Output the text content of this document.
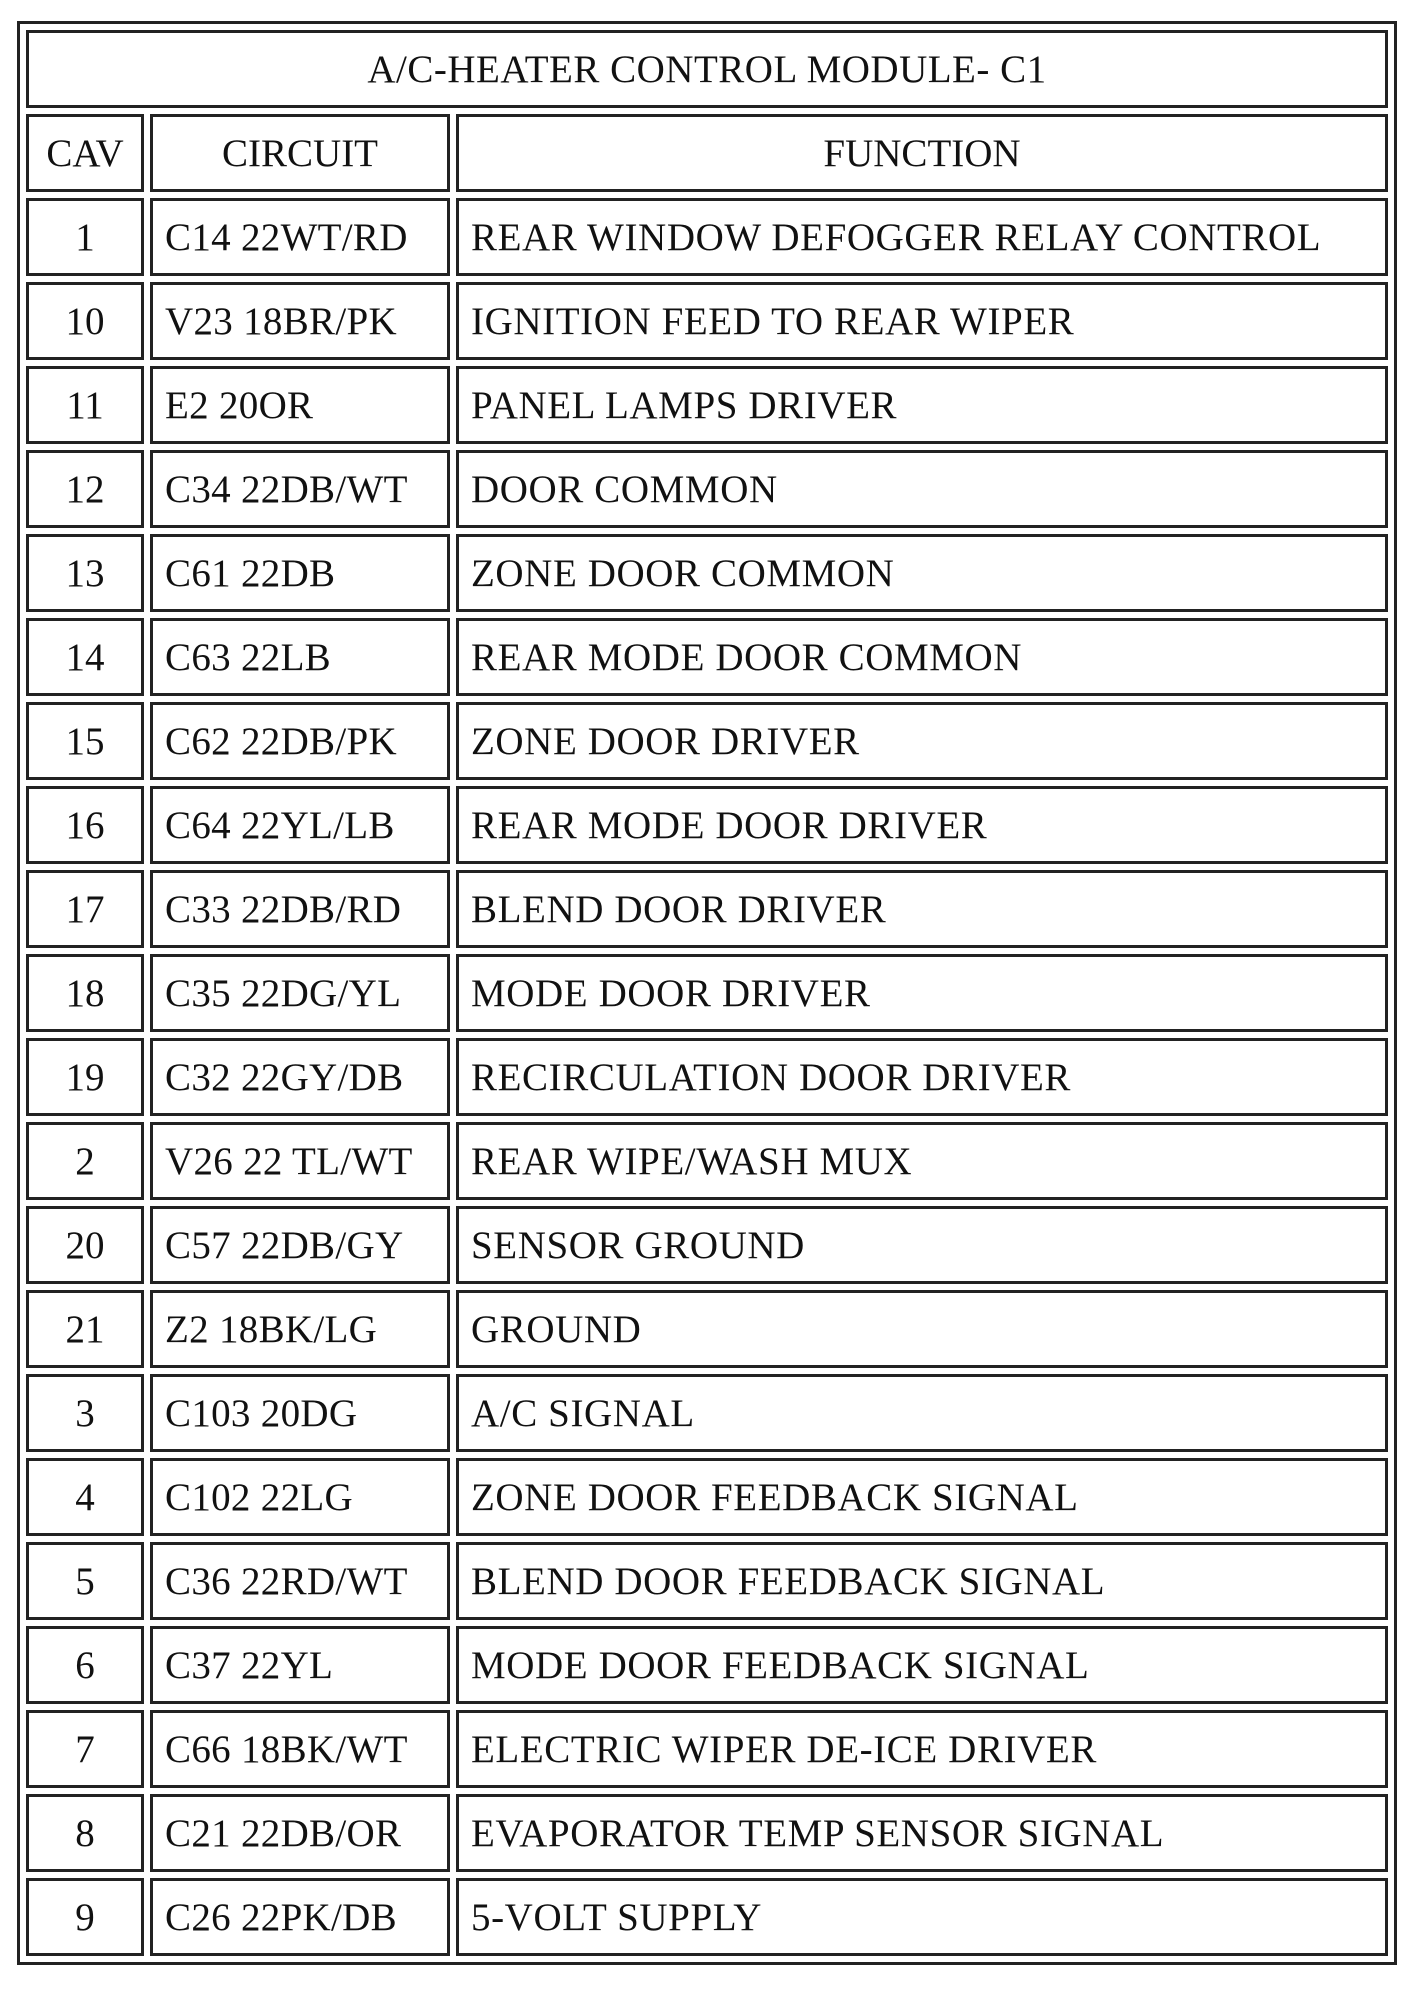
A/C-HEATER CONTROL MODULE- C1		
CAV	CIRCUIT	FUNCTION
1	C14 22WT/RD	REAR WINDOW DEFOGGER RELAY CONTROL
10	V23 18BR/PK	IGNITION FEED TO REAR WIPER
11	E2 20OR	PANEL LAMPS DRIVER
12	C34 22DB/WT	DOOR COMMON
13	C61 22DB	ZONE DOOR COMMON
14	C63 22LB	REAR MODE DOOR COMMON
15	C62 22DB/PK	ZONE DOOR DRIVER
16	C64 22YL/LB	REAR MODE DOOR DRIVER
17	C33 22DB/RD	BLEND DOOR DRIVER
18	C35 22DG/YL	MODE DOOR DRIVER
19	C32 22GY/DB	RECIRCULATION DOOR DRIVER
2	V26 22 TL/WT	REAR WIPE/WASH MUX
20	C57 22DB/GY	SENSOR GROUND
21	Z2 18BK/LG	GROUND
3	C103 20DG	A/C SIGNAL
4	C102 22LG	ZONE DOOR FEEDBACK SIGNAL
5	C36 22RD/WT	BLEND DOOR FEEDBACK SIGNAL
6	C37 22YL	MODE DOOR FEEDBACK SIGNAL
7	C66 18BK/WT	ELECTRIC WIPER DE-ICE DRIVER
8	C21 22DB/OR	EVAPORATOR TEMP SENSOR SIGNAL
9	C26 22PK/DB	5-VOLT SUPPLY
